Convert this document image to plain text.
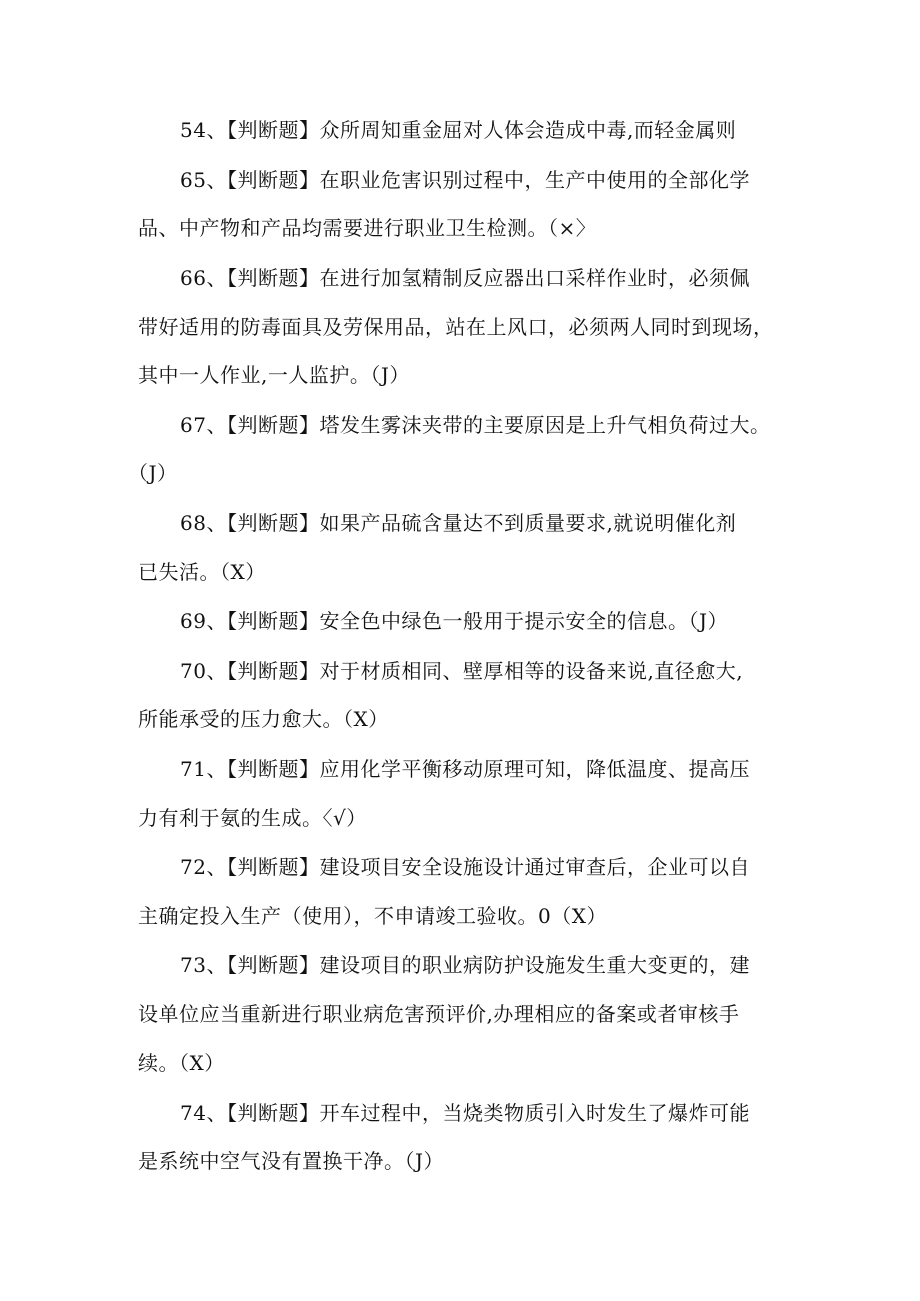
54、【判断题】众所周知重金屈对人体会造成中毒,而轻金属则
65、【判断题】在职业危害识别过程中，生产中使用的全部化学
品、中产物和产品均需要进行职业卫生检测。（×〉
66、【判断题】在进行加氢精制反应器出口采样作业时，必须佩
带好适用的防毒面具及劳保用品，站在上风口，必须两人同时到现场，
其中一人作业,一人监护。（J）
67、【判断题】塔发生雾沫夹带的主要原因是上升气相负荷过大。
（J）
68、【判断题】如果产品硫含量达不到质量要求,就说明催化剂
已失活。（X）
69、【判断题】安全色中绿色一般用于提示安全的信息。（J）
70、【判断题】对于材质相同、壁厚相等的设备来说,直径愈大,
所能承受的压力愈大。（X）
71、【判断题】应用化学平衡移动原理可知，降低温度、提高压
力有利于氨的生成。〈√）
72、【判断题】建设项目安全设施设计通过审查后，企业可以自
主确定投入生产（使用），不申请竣工验收。0（X）
73、【判断题】建设项目的职业病防护设施发生重大变更的，建
设单位应当重新进行职业病危害预评价,办理相应的备案或者审核手
续。（X）
74、【判断题】开车过程中，当烧类物质引入时发生了爆炸可能
是系统中空气没有置换干净。（J）
